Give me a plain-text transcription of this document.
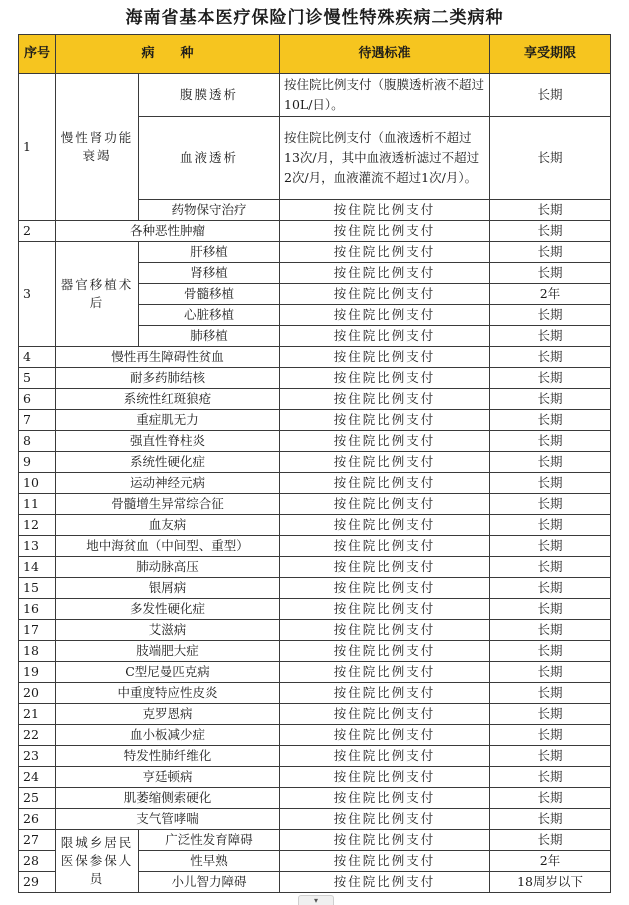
海南省基本医疗保险门诊慢性特殊疾病二类病种
序号	病　　种		待遇标准	享受期限
1	慢性肾功能衰竭	腹膜透析	按住院比例支付（腹膜透析液不超过10L/日）。	长期
		血液透析	按住院比例支付（血液透析不超过13次/月，其中血液透析滤过不超过2次/月，血液灌流不超过1次/月）。	长期
		药物保守治疗	按住院比例支付	长期
2	各种恶性肿瘤		按住院比例支付	长期
3	器官移植术后	肝移植	按住院比例支付	长期
		肾移植	按住院比例支付	长期
		骨髓移植	按住院比例支付	2年
		心脏移植	按住院比例支付	长期
		肺移植	按住院比例支付	长期
4	慢性再生障碍性贫血		按住院比例支付	长期
5	耐多药肺结核		按住院比例支付	长期
6	系统性红斑狼疮		按住院比例支付	长期
7	重症肌无力		按住院比例支付	长期
8	强直性脊柱炎		按住院比例支付	长期
9	系统性硬化症		按住院比例支付	长期
10	运动神经元病		按住院比例支付	长期
11	骨髓增生异常综合征		按住院比例支付	长期
12	血友病		按住院比例支付	长期
13	地中海贫血（中间型、重型）		按住院比例支付	长期
14	肺动脉高压		按住院比例支付	长期
15	银屑病		按住院比例支付	长期
16	多发性硬化症		按住院比例支付	长期
17	艾滋病		按住院比例支付	长期
18	肢端肥大症		按住院比例支付	长期
19	C型尼曼匹克病		按住院比例支付	长期
20	中重度特应性皮炎		按住院比例支付	长期
21	克罗恩病		按住院比例支付	长期
22	血小板减少症		按住院比例支付	长期
23	特发性肺纤维化		按住院比例支付	长期
24	亨廷顿病		按住院比例支付	长期
25	肌萎缩侧索硬化		按住院比例支付	长期
26	支气管哮喘		按住院比例支付	长期
27	限城乡居民医保参保人员	广泛性发育障碍	按住院比例支付	长期
28		性早熟	按住院比例支付	2年
29		小儿智力障碍	按住院比例支付	18周岁以下
▾
